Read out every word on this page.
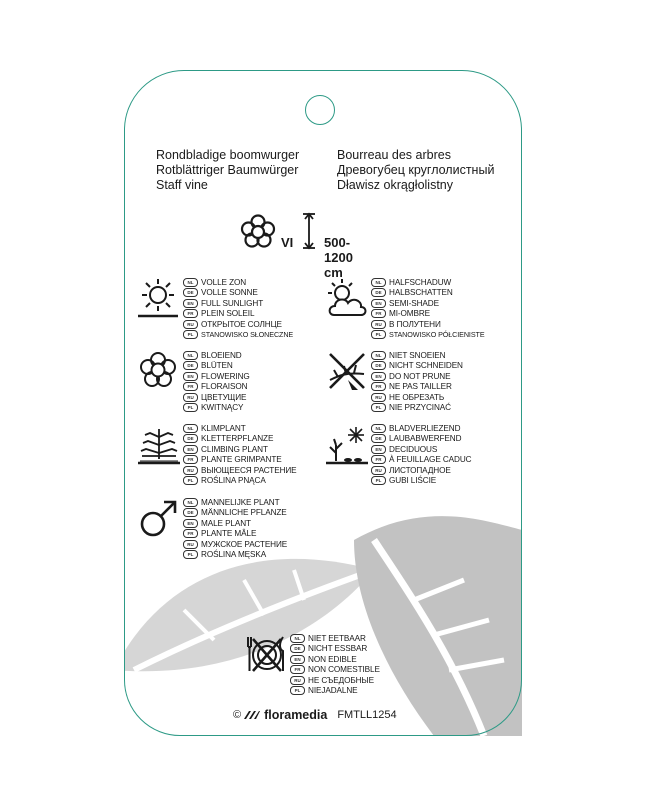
Rondbladige boomwurger
Rotblättriger Baumwürger
Staff vine
Bourreau des arbres
Древогубец круглолистный
Dławisz okrągłolistny
VI 500-1200 cm
NL VOLLE ZON
DE VOLLE SONNE
EN FULL SUNLIGHT
FR PLEIN SOLEIL
RU ОТКРЫТОЕ СОЛНЦЕ
PL	STANOWISKO SŁONECZNE
NL HALFSCHADUW
DE HALBSCHATTEN
EN SEMI-SHADE
FR MI-OMBRE
RU В ПОЛУТЕНИ
PL	STANOWISKO PÓŁCIENISTE
NL BLOEIEND
DE BLÜTEN
EN FLOWERING
FR FLORAISON
RU ЦВЕТУЩИЕ
PL KWITNĄCY
NL NIET SNOEIEN
DE NICHT SCHNEIDEN
EN DO NOT PRUNE
FR NE PAS TAILLER
RU НЕ ОБРЕЗАТЬ
PL NIE PRZYCINAĆ
NL KLIMPLANT
DE KLETTERPFLANZE
EN CLIMBING PLANT
FR PLANTE GRIMPANTE
RU ВЫЮЩЕЕСЯ РАСТЕНИЕ
PL ROŚLINA PNĄCA
NL BLADVERLIEZEND
DE LAUBABWERFEND
EN DECIDUOUS
FR À FEUILLAGE CADUC
RU ЛИСТОПАДНОЕ
PL GUBI LIŚCIE
NL MANNELIJKE PLANT
DE MÄNNLICHE PFLANZE
EN MALE PLANT
FR PLANTE MÂLE
RU МУЖСКОЕ РАСТЕНИЕ
PL ROŚLINA MĘSKA
NL NIET EETBAAR
DE NICHT ESSBAR
EN NON EDIBLE
FR NON COMESTIBLE
RU НЕ СЪЕДОБНЫЕ
PL NIEJADALNE
© floramedia FMTLL1254
